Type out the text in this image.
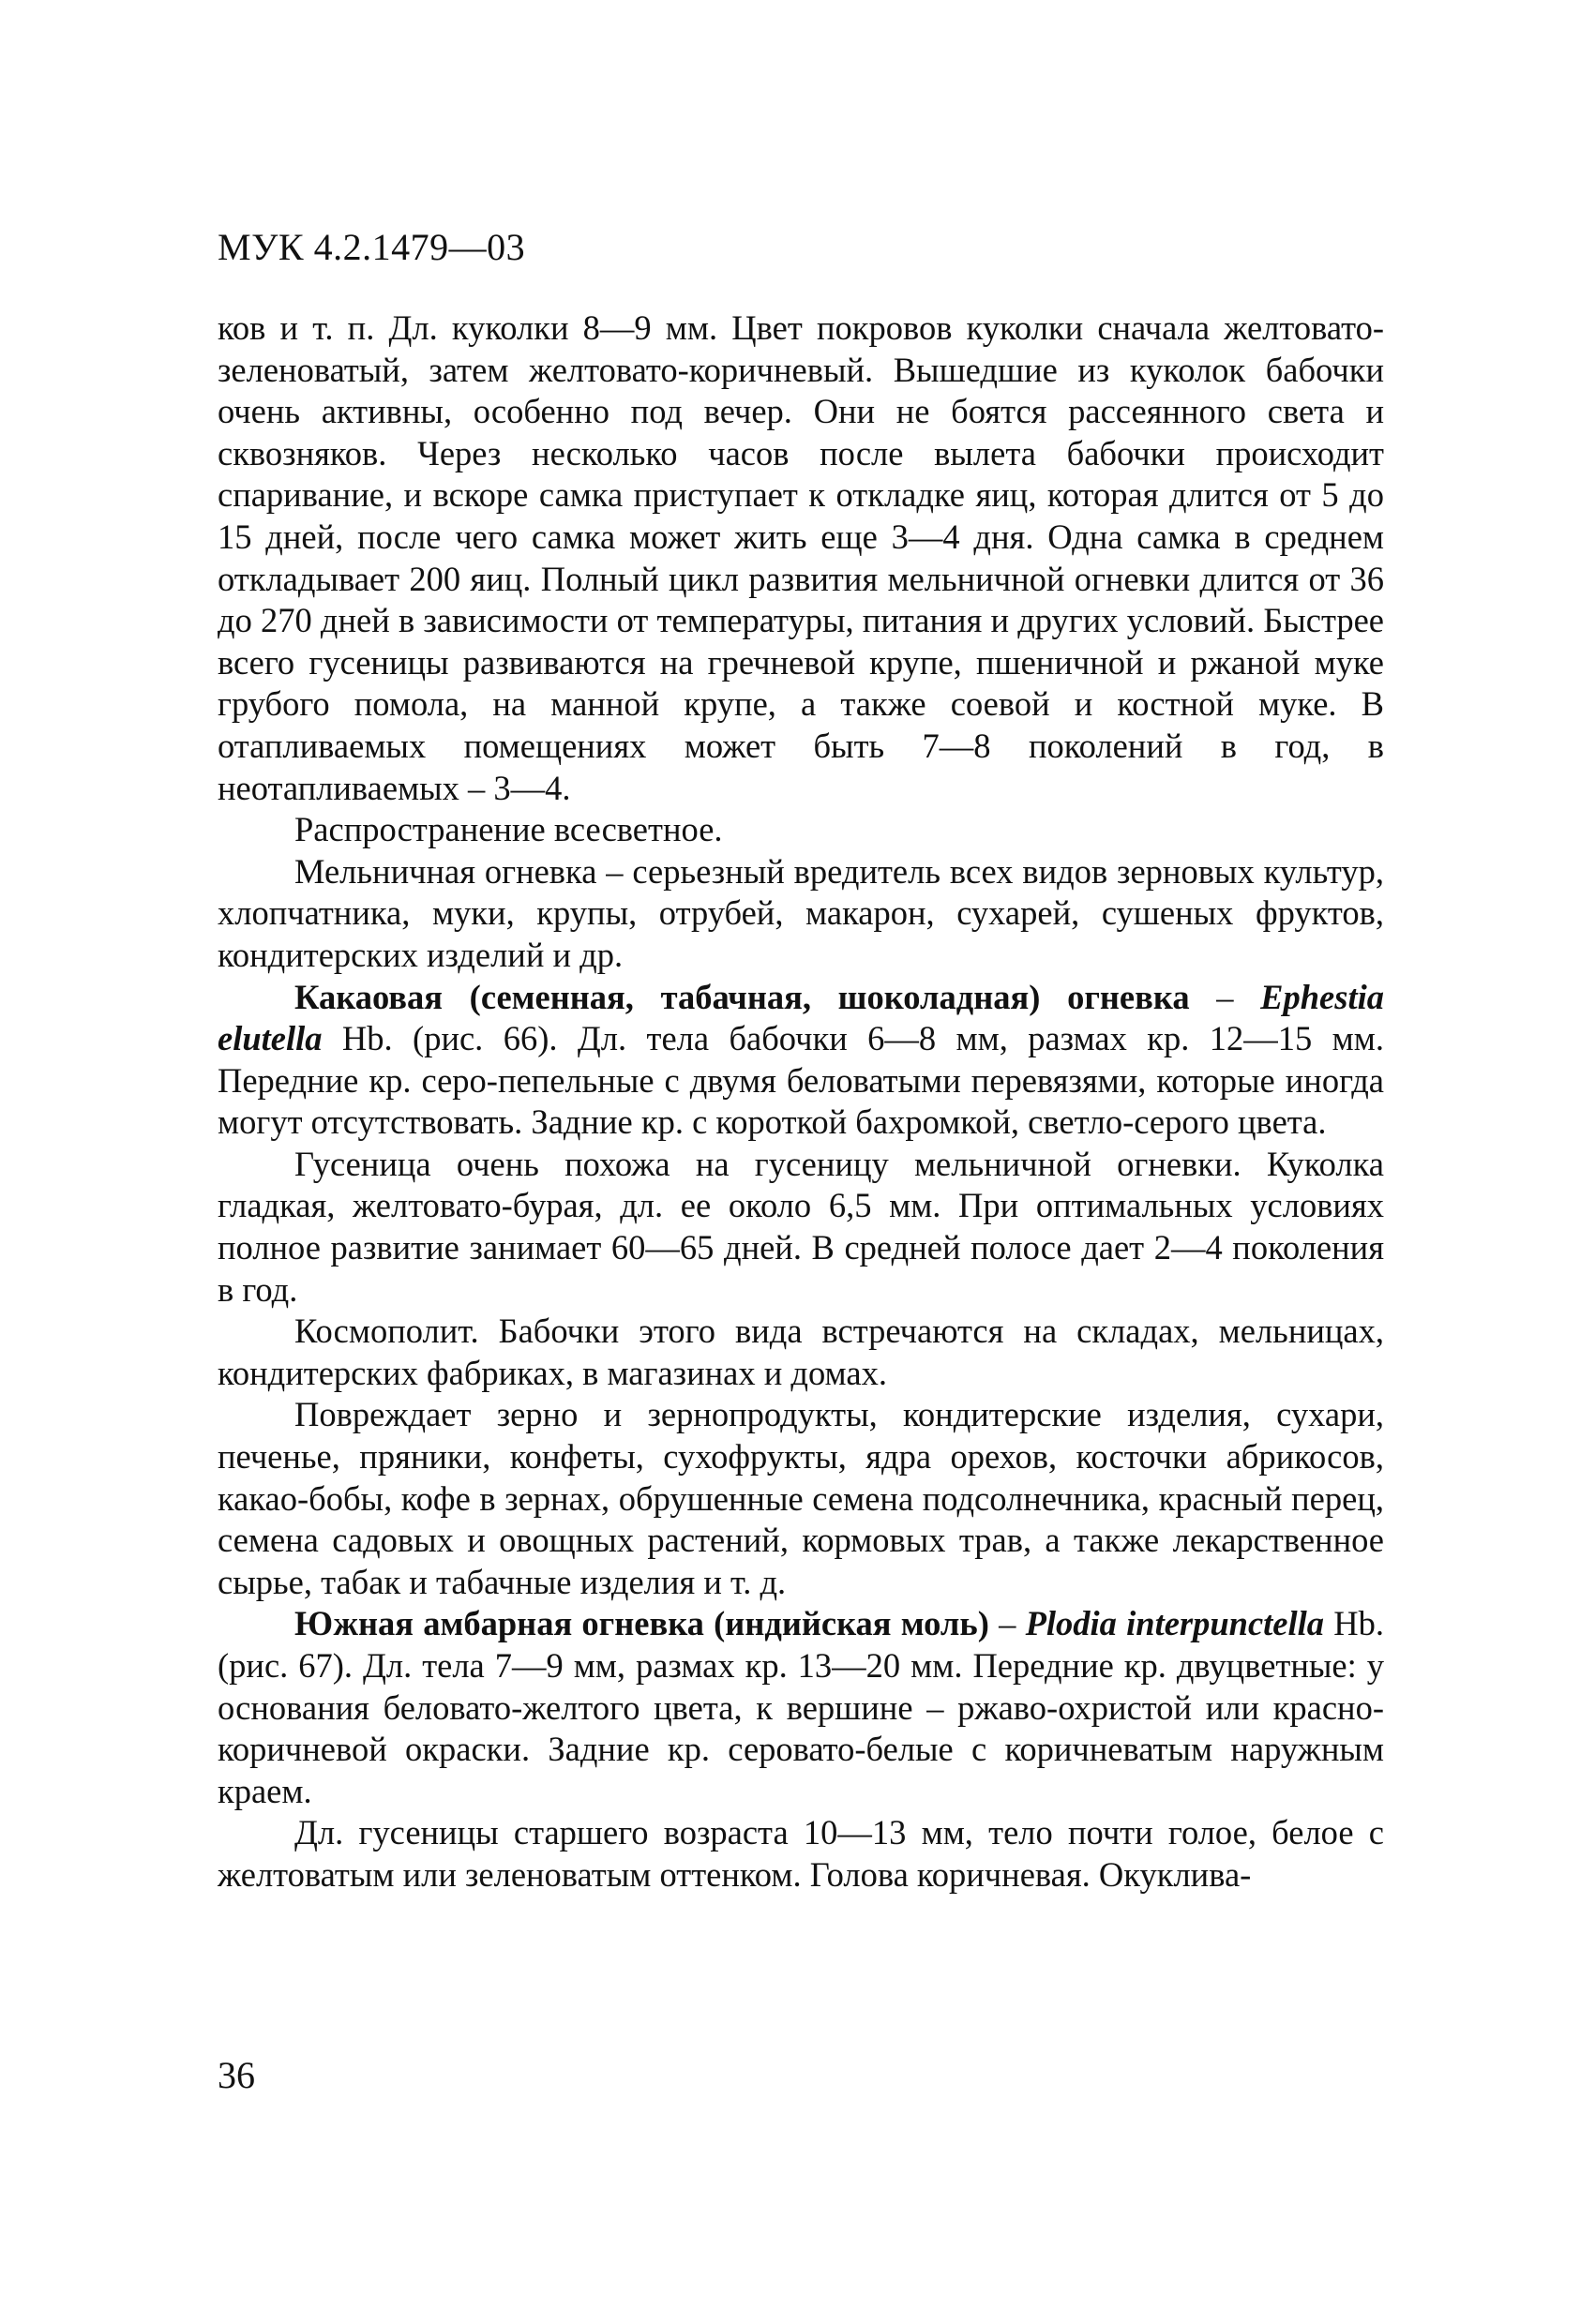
МУК 4.2.1479—03

ков и т. п. Дл. куколки 8—9 мм. Цвет покровов куколки сначала желтовато-зеленоватый, затем желтовато-коричневый. Вышедшие из куколок бабочки очень активны, особенно под вечер. Они не боятся рассеянного света и сквозняков. Через несколько часов после вылета бабочки происходит спаривание, и вскоре самка приступает к откладке яиц, которая длится от 5 до 15 дней, после чего самка может жить еще 3—4 дня. Одна самка в среднем откладывает 200 яиц. Полный цикл развития мельничной огневки длится от 36 до 270 дней в зависимости от температуры, питания и других условий. Быстрее всего гусеницы развиваются на гречневой крупе, пшеничной и ржаной муке грубого помола, на манной крупе, а также соевой и костной муке. В отапливаемых помещениях может быть 7—8 поколений в год, в неотапливаемых – 3—4.

Распространение всесветное.

Мельничная огневка – серьезный вредитель всех видов зерновых культур, хлопчатника, муки, крупы, отрубей, макарон, сухарей, сушеных фруктов, кондитерских изделий и др.

Какаовая (семенная, табачная, шоколадная) огневка – Ephestia elutella Hb. (рис. 66). Дл. тела бабочки 6—8 мм, размах кр. 12—15 мм. Передние кр. серо-пепельные с двумя беловатыми перевязями, которые иногда могут отсутствовать. Задние кр. с короткой бахромкой, светло-серого цвета.

Гусеница очень похожа на гусеницу мельничной огневки. Куколка гладкая, желтовато-бурая, дл. ее около 6,5 мм. При оптимальных условиях полное развитие занимает 60—65 дней. В средней полосе дает 2—4 поколения в год.

Космополит. Бабочки этого вида встречаются на складах, мельницах, кондитерских фабриках, в магазинах и домах.

Повреждает зерно и зернопродукты, кондитерские изделия, сухари, печенье, пряники, конфеты, сухофрукты, ядра орехов, косточки абрикосов, какао-бобы, кофе в зернах, обрушенные семена подсолнечника, красный перец, семена садовых и овощных растений, кормовых трав, а также лекарственное сырье, табак и табачные изделия и т. д.

Южная амбарная огневка (индийская моль) – Plodia interpunctella Hb. (рис. 67). Дл. тела 7—9 мм, размах кр. 13—20 мм. Передние кр. двуцветные: у основания беловато-желтого цвета, к вершине – ржаво-охристой или красно-коричневой окраски. Задние кр. серовато-белые с коричневатым наружным краем.

Дл. гусеницы старшего возраста 10—13 мм, тело почти голое, белое с желтоватым или зеленоватым оттенком. Голова коричневая. Окуклива-

36
